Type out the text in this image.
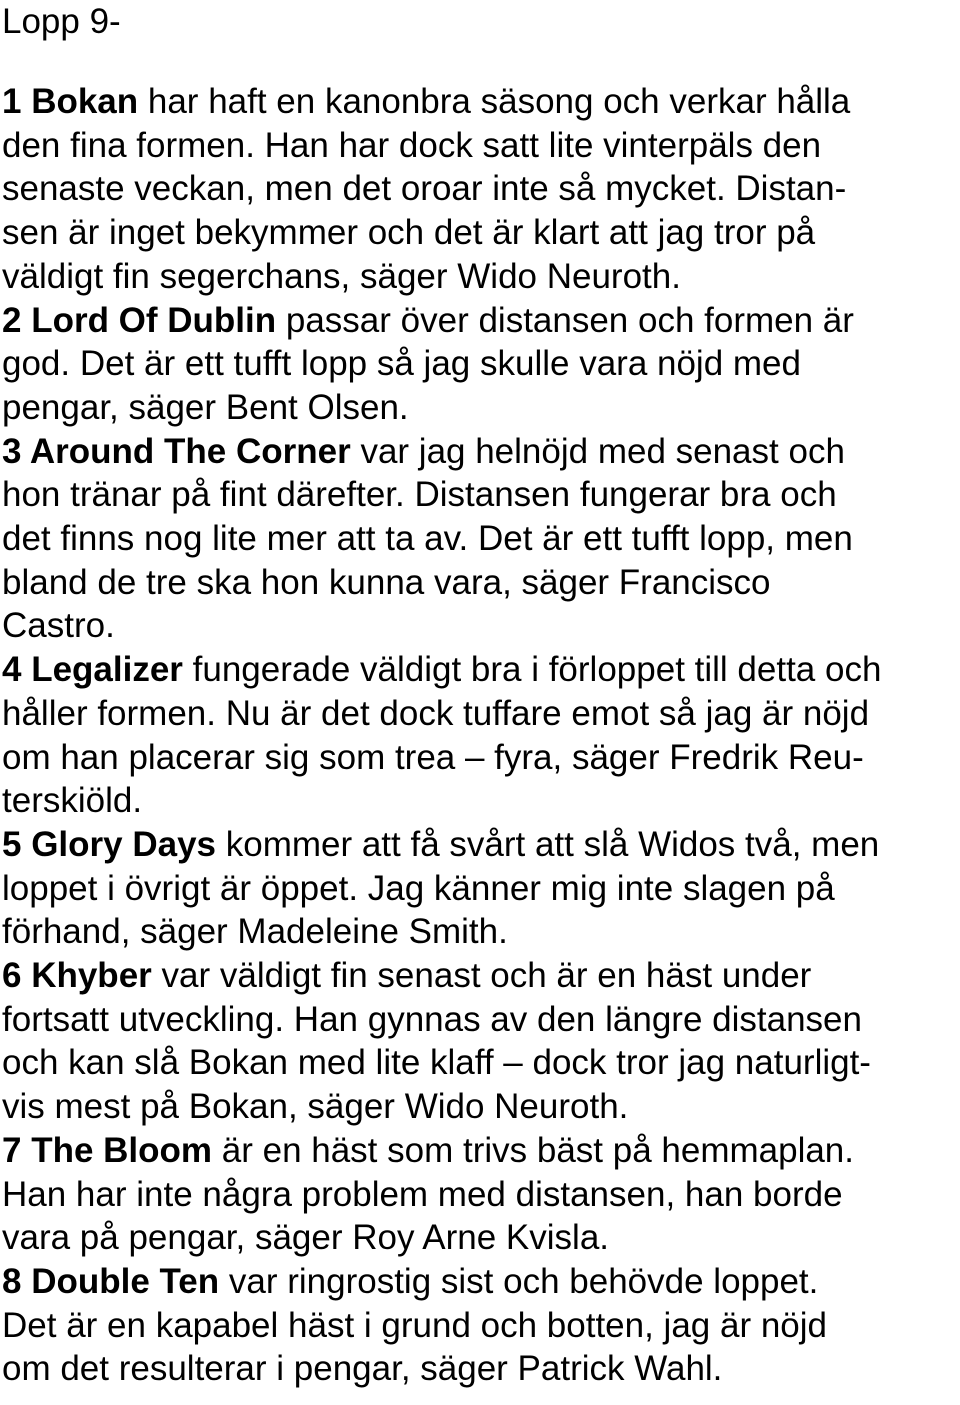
Lopp 9-
1 Bokan har haft en kanonbra säsong och verkar hålla
den fina formen. Han har dock satt lite vinterpäls den
senaste veckan, men det oroar inte så mycket. Distan-
sen är inget bekymmer och det är klart att jag tror på
väldigt fin segerchans, säger Wido Neuroth.
2 Lord Of Dublin passar över distansen och formen är
god. Det är ett tufft lopp så jag skulle vara nöjd med
pengar, säger Bent Olsen.
3 Around The Corner var jag helnöjd med senast och
hon tränar på fint därefter. Distansen fungerar bra och
det finns nog lite mer att ta av. Det är ett tufft lopp, men
bland de tre ska hon kunna vara, säger Francisco
Castro.
4 Legalizer fungerade väldigt bra i förloppet till detta och
håller formen. Nu är det dock tuffare emot så jag är nöjd
om han placerar sig som trea – fyra, säger Fredrik Reu-
terskiöld.
5 Glory Days kommer att få svårt att slå Widos två, men
loppet i övrigt är öppet. Jag känner mig inte slagen på
förhand, säger Madeleine Smith.
6 Khyber var väldigt fin senast och är en häst under
fortsatt utveckling. Han gynnas av den längre distansen
och kan slå Bokan med lite klaff – dock tror jag naturligt-
vis mest på Bokan, säger Wido Neuroth.
7 The Bloom är en häst som trivs bäst på hemmaplan.
Han har inte några problem med distansen, han borde
vara på pengar, säger Roy Arne Kvisla.
8 Double Ten var ringrostig sist och behövde loppet.
Det är en kapabel häst i grund och botten, jag är nöjd
om det resulterar i pengar, säger Patrick Wahl.
